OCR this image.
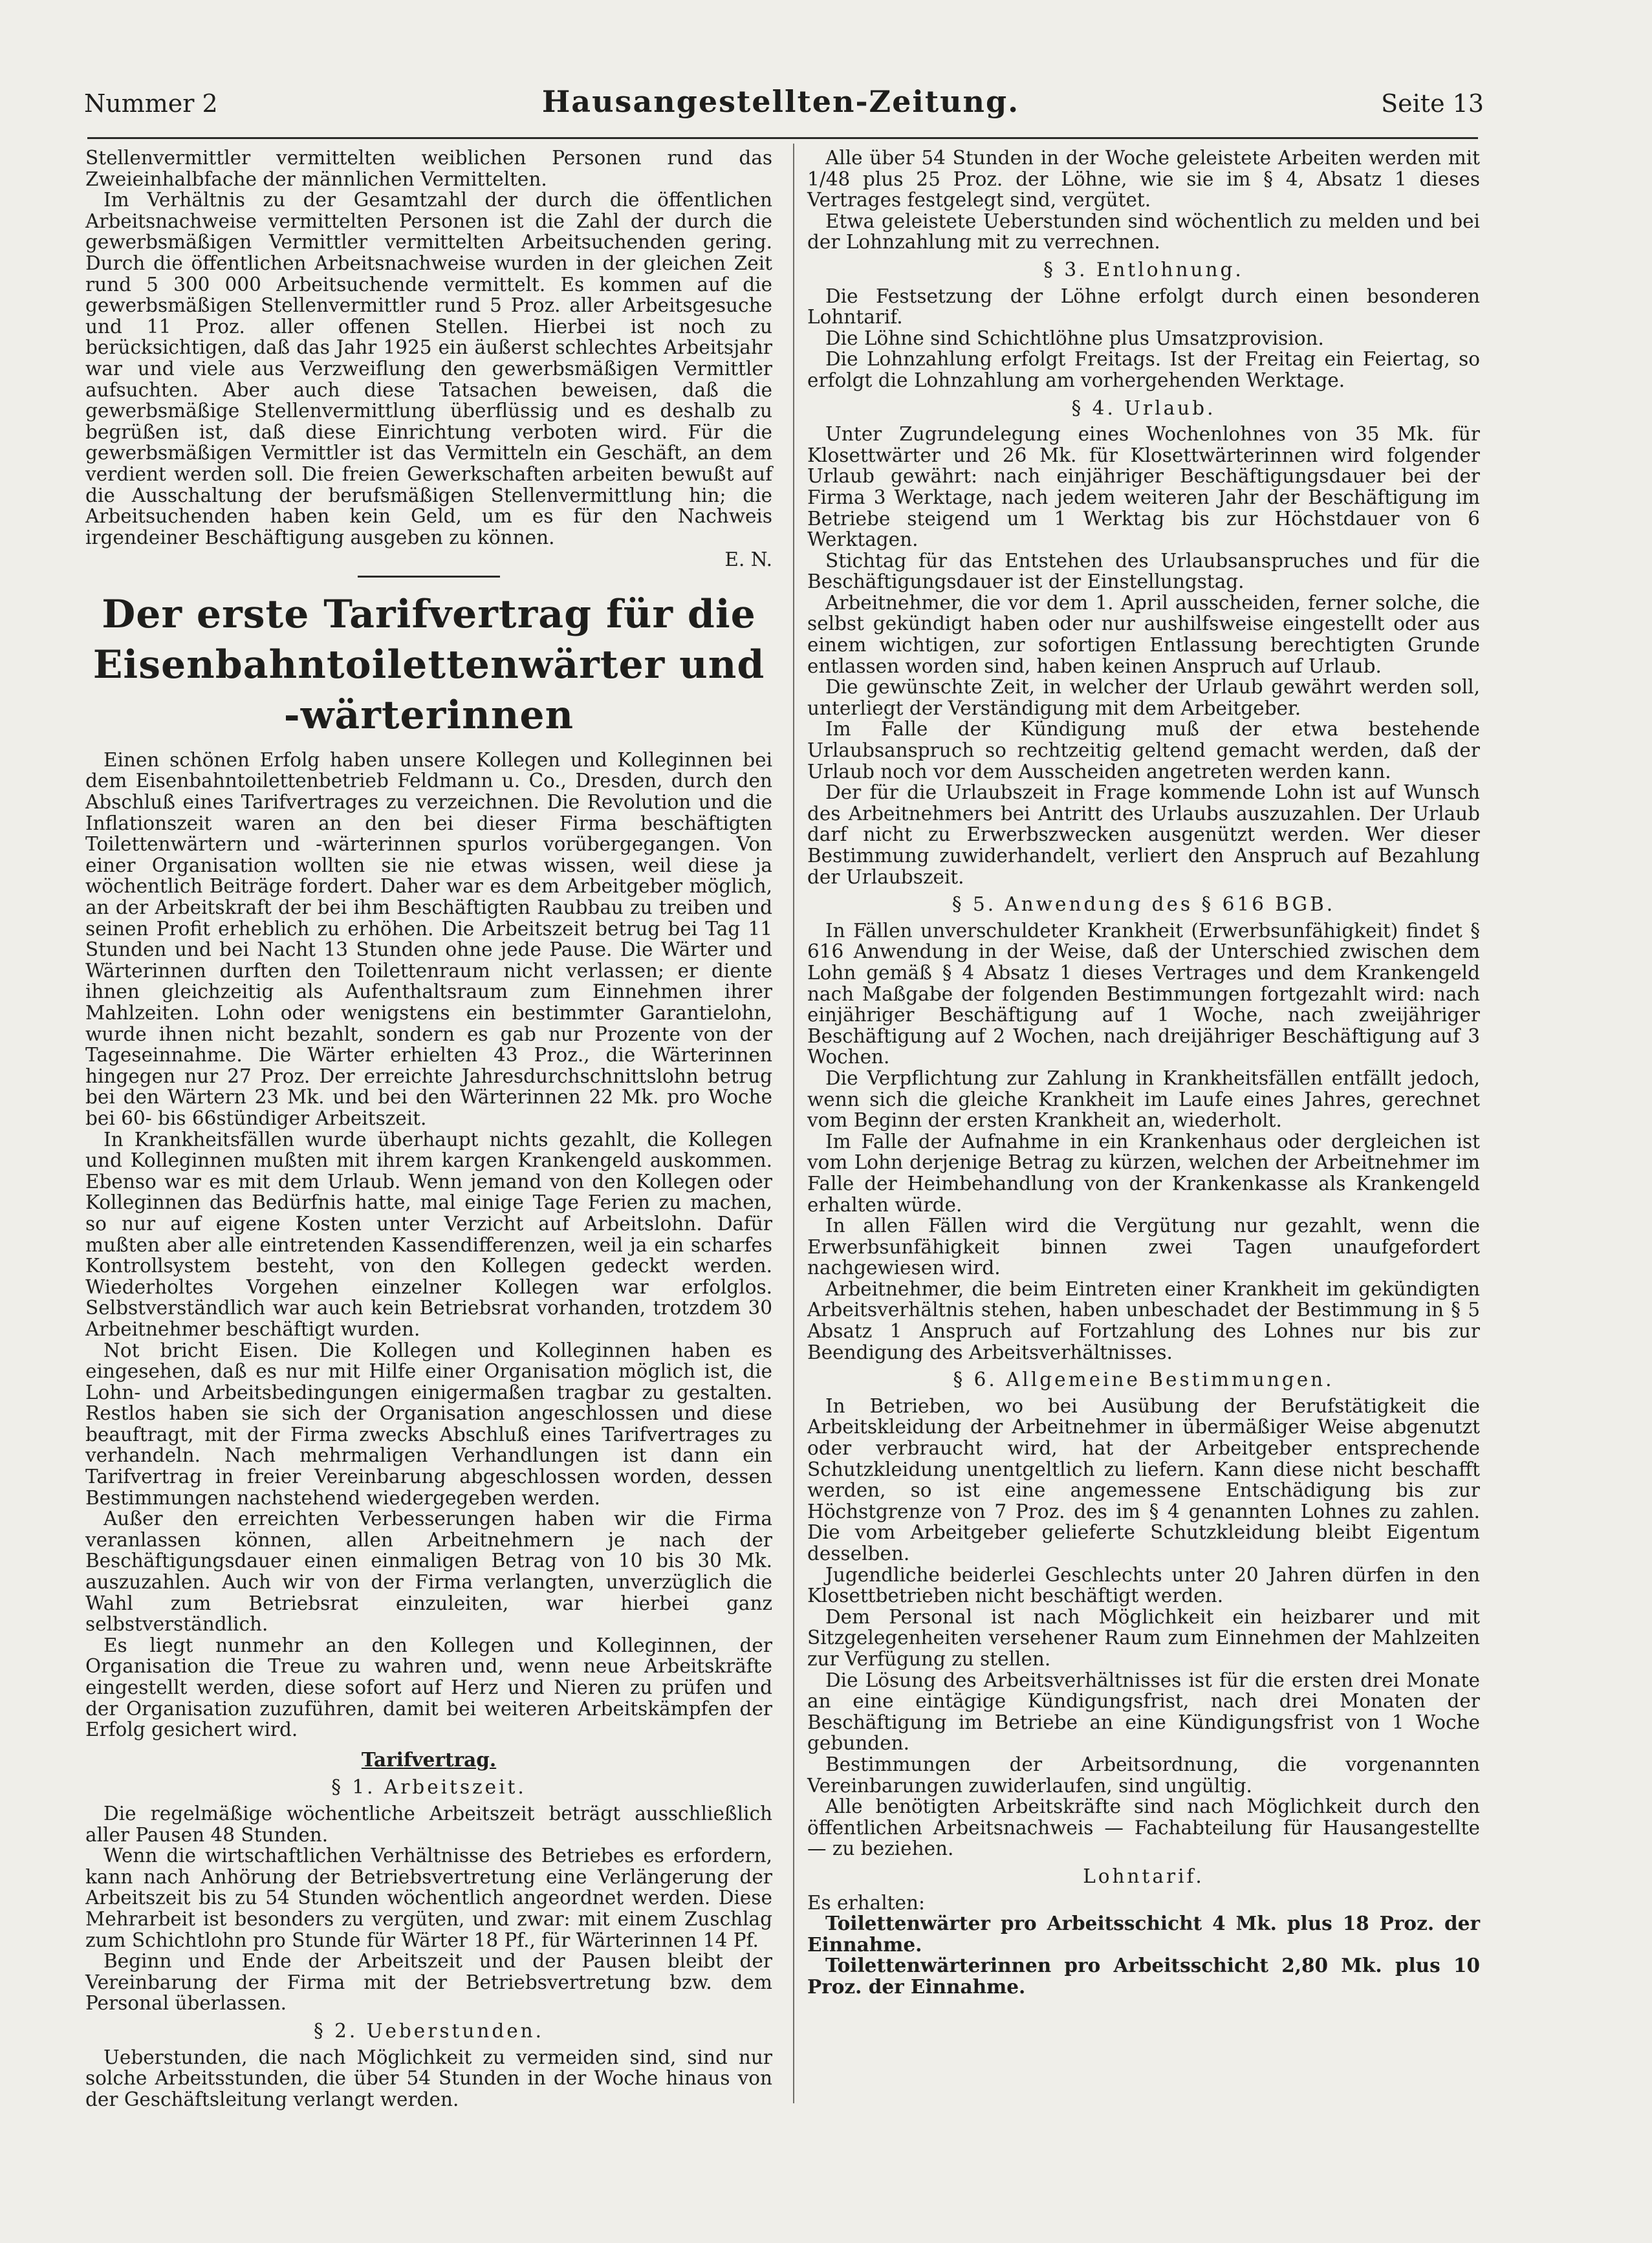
Nummer 2	Hausangestellten-Zeitung.	Seite 13

Stellenvermittler vermittelten weiblichen Personen rund das Zweieinhalbfache der männlichen Vermittelten.

Im Verhältnis zu der Gesamtzahl der durch die öffentlichen Arbeitsnachweise vermittelten Personen ist die Zahl der durch die gewerbsmäßigen Vermittler vermittelten Arbeitsuchenden gering. Durch die öffentlichen Arbeitsnachweise wurden in der gleichen Zeit rund 5 300 000 Arbeitsuchende vermittelt. Es kommen auf die gewerbsmäßigen Stellenvermittler rund 5 Proz. aller Arbeitsgesuche und 11 Proz. aller offenen Stellen. Hierbei ist noch zu berücksichtigen, daß das Jahr 1925 ein äußerst schlechtes Arbeitsjahr war und viele aus Verzweiflung den gewerbsmäßigen Vermittler aufsuchten. Aber auch diese Tatsachen beweisen, daß die gewerbsmäßige Stellenvermittlung überflüssig und es deshalb zu begrüßen ist, daß diese Einrichtung verboten wird. Für die gewerbsmäßigen Vermittler ist das Vermitteln ein Geschäft, an dem verdient werden soll. Die freien Gewerkschaften arbeiten bewußt auf die Ausschaltung der berufsmäßigen Stellenvermittlung hin; die Arbeitsuchenden haben kein Geld, um es für den Nachweis irgendeiner Beschäftigung ausgeben zu können.

E. N.
Der erste Tarifvertrag für die Eisenbahntoilettenwärter und -wärterinnen

Einen schönen Erfolg haben unsere Kollegen und Kolleginnen bei dem Eisenbahntoilettenbetrieb Feldmann u. Co., Dresden, durch den Abschluß eines Tarifvertrages zu verzeichnen. Die Revolution und die Inflationszeit waren an den bei dieser Firma beschäftigten Toilettenwärtern und -wärterinnen spurlos vorübergegangen. Von einer Organisation wollten sie nie etwas wissen, weil diese ja wöchentlich Beiträge fordert. Daher war es dem Arbeitgeber möglich, an der Arbeitskraft der bei ihm Beschäftigten Raubbau zu treiben und seinen Profit erheblich zu erhöhen. Die Arbeitszeit betrug bei Tag 11 Stunden und bei Nacht 13 Stunden ohne jede Pause. Die Wärter und Wärterinnen durften den Toilettenraum nicht verlassen; er diente ihnen gleichzeitig als Aufenthaltsraum zum Einnehmen ihrer Mahlzeiten. Lohn oder wenigstens ein bestimmter Garantielohn, wurde ihnen nicht bezahlt, sondern es gab nur Prozente von der Tageseinnahme. Die Wärter erhielten 43 Proz., die Wärterinnen hingegen nur 27 Proz. Der erreichte Jahresdurchschnittslohn betrug bei den Wärtern 23 Mk. und bei den Wärterinnen 22 Mk. pro Woche bei 60- bis 66stündiger Arbeitszeit.

In Krankheitsfällen wurde überhaupt nichts gezahlt, die Kollegen und Kolleginnen mußten mit ihrem kargen Krankengeld auskommen. Ebenso war es mit dem Urlaub. Wenn jemand von den Kollegen oder Kolleginnen das Bedürfnis hatte, mal einige Tage Ferien zu machen, so nur auf eigene Kosten unter Verzicht auf Arbeitslohn. Dafür mußten aber alle eintretenden Kassendifferenzen, weil ja ein scharfes Kontrollsystem besteht, von den Kollegen gedeckt werden. Wiederholtes Vorgehen einzelner Kollegen war erfolglos. Selbstverständlich war auch kein Betriebsrat vorhanden, trotzdem 30 Arbeitnehmer beschäftigt wurden.

Not bricht Eisen. Die Kollegen und Kolleginnen haben es eingesehen, daß es nur mit Hilfe einer Organisation möglich ist, die Lohn- und Arbeitsbedingungen einigermaßen tragbar zu gestalten. Restlos haben sie sich der Organisation angeschlossen und diese beauftragt, mit der Firma zwecks Abschluß eines Tarifvertrages zu verhandeln. Nach mehrmaligen Verhandlungen ist dann ein Tarifvertrag in freier Vereinbarung abgeschlossen worden, dessen Bestimmungen nachstehend wiedergegeben werden.

Außer den erreichten Verbesserungen haben wir die Firma veranlassen können, allen Arbeitnehmern je nach der Beschäftigungsdauer einen einmaligen Betrag von 10 bis 30 Mk. auszuzahlen. Auch wir von der Firma verlangten, unverzüglich die Wahl zum Betriebsrat einzuleiten, war hierbei ganz selbstverständlich.

Es liegt nunmehr an den Kollegen und Kolleginnen, der Organisation die Treue zu wahren und, wenn neue Arbeitskräfte eingestellt werden, diese sofort auf Herz und Nieren zu prüfen und der Organisation zuzuführen, damit bei weiteren Arbeitskämpfen der Erfolg gesichert wird.

Tarifvertrag.

§ 1. Arbeitszeit.

Die regelmäßige wöchentliche Arbeitszeit beträgt ausschließlich aller Pausen 48 Stunden.

Wenn die wirtschaftlichen Verhältnisse des Betriebes es erfordern, kann nach Anhörung der Betriebsvertretung eine Verlängerung der Arbeitszeit bis zu 54 Stunden wöchentlich angeordnet werden. Diese Mehrarbeit ist besonders zu vergüten, und zwar: mit einem Zuschlag zum Schichtlohn pro Stunde für Wärter 18 Pf., für Wärterinnen 14 Pf.

Beginn und Ende der Arbeitszeit und der Pausen bleibt der Vereinbarung der Firma mit der Betriebsvertretung bzw. dem Personal überlassen.

§ 2. Ueberstunden.

Ueberstunden, die nach Möglichkeit zu vermeiden sind, sind nur solche Arbeitsstunden, die über 54 Stunden in der Woche hinaus von der Geschäftsleitung verlangt werden.

Alle über 54 Stunden in der Woche geleistete Arbeiten werden mit 1/48 plus 25 Proz. der Löhne, wie sie im § 4, Absatz 1 dieses Vertrages festgelegt sind, vergütet.

Etwa geleistete Ueberstunden sind wöchentlich zu melden und bei der Lohnzahlung mit zu verrechnen.

§ 3. Entlohnung.

Die Festsetzung der Löhne erfolgt durch einen besonderen Lohntarif.

Die Löhne sind Schichtlöhne plus Umsatzprovision.

Die Lohnzahlung erfolgt Freitags. Ist der Freitag ein Feiertag, so erfolgt die Lohnzahlung am vorhergehenden Werktage.

§ 4. Urlaub.

Unter Zugrundelegung eines Wochenlohnes von 35 Mk. für Klosettwärter und 26 Mk. für Klosettwärterinnen wird folgender Urlaub gewährt: nach einjähriger Beschäftigungsdauer bei der Firma 3 Werktage, nach jedem weiteren Jahr der Beschäftigung im Betriebe steigend um 1 Werktag bis zur Höchstdauer von 6 Werktagen.

Stichtag für das Entstehen des Urlaubsanspruches und für die Beschäftigungsdauer ist der Einstellungstag.

Arbeitnehmer, die vor dem 1. April ausscheiden, ferner solche, die selbst gekündigt haben oder nur aushilfsweise eingestellt oder aus einem wichtigen, zur sofortigen Entlassung berechtigten Grunde entlassen worden sind, haben keinen Anspruch auf Urlaub.

Die gewünschte Zeit, in welcher der Urlaub gewährt werden soll, unterliegt der Verständigung mit dem Arbeitgeber.

Im Falle der Kündigung muß der etwa bestehende Urlaubsanspruch so rechtzeitig geltend gemacht werden, daß der Urlaub noch vor dem Ausscheiden angetreten werden kann.

Der für die Urlaubszeit in Frage kommende Lohn ist auf Wunsch des Arbeitnehmers bei Antritt des Urlaubs auszuzahlen. Der Urlaub darf nicht zu Erwerbszwecken ausgenützt werden. Wer dieser Bestimmung zuwiderhandelt, verliert den Anspruch auf Bezahlung der Urlaubszeit.

§ 5. Anwendung des § 616 BGB.

In Fällen unverschuldeter Krankheit (Erwerbsunfähigkeit) findet § 616 Anwendung in der Weise, daß der Unterschied zwischen dem Lohn gemäß § 4 Absatz 1 dieses Vertrages und dem Krankengeld nach Maßgabe der folgenden Bestimmungen fortgezahlt wird: nach einjähriger Beschäftigung auf 1 Woche, nach zweijähriger Beschäftigung auf 2 Wochen, nach dreijähriger Beschäftigung auf 3 Wochen.

Die Verpflichtung zur Zahlung in Krankheitsfällen entfällt jedoch, wenn sich die gleiche Krankheit im Laufe eines Jahres, gerechnet vom Beginn der ersten Krankheit an, wiederholt.

Im Falle der Aufnahme in ein Krankenhaus oder dergleichen ist vom Lohn derjenige Betrag zu kürzen, welchen der Arbeitnehmer im Falle der Heimbehandlung von der Krankenkasse als Krankengeld erhalten würde.

In allen Fällen wird die Vergütung nur gezahlt, wenn die Erwerbsunfähigkeit binnen zwei Tagen unaufgefordert nachgewiesen wird.

Arbeitnehmer, die beim Eintreten einer Krankheit im gekündigten Arbeitsverhältnis stehen, haben unbeschadet der Bestimmung in § 5 Absatz 1 Anspruch auf Fortzahlung des Lohnes nur bis zur Beendigung des Arbeitsverhältnisses.

§ 6. Allgemeine Bestimmungen.

In Betrieben, wo bei Ausübung der Berufstätigkeit die Arbeitskleidung der Arbeitnehmer in übermäßiger Weise abgenutzt oder verbraucht wird, hat der Arbeitgeber entsprechende Schutzkleidung unentgeltlich zu liefern. Kann diese nicht beschafft werden, so ist eine angemessene Entschädigung bis zur Höchstgrenze von 7 Proz. des im § 4 genannten Lohnes zu zahlen. Die vom Arbeitgeber gelieferte Schutzkleidung bleibt Eigentum desselben.

Jugendliche beiderlei Geschlechts unter 20 Jahren dürfen in den Klosettbetrieben nicht beschäftigt werden.

Dem Personal ist nach Möglichkeit ein heizbarer und mit Sitzgelegenheiten versehener Raum zum Einnehmen der Mahlzeiten zur Verfügung zu stellen.

Die Lösung des Arbeitsverhältnisses ist für die ersten drei Monate an eine eintägige Kündigungsfrist, nach drei Monaten der Beschäftigung im Betriebe an eine Kündigungsfrist von 1 Woche gebunden.

Bestimmungen der Arbeitsordnung, die vorgenannten Vereinbarungen zuwiderlaufen, sind ungültig.

Alle benötigten Arbeitskräfte sind nach Möglichkeit durch den öffentlichen Arbeitsnachweis — Fachabteilung für Hausangestellte — zu beziehen.

Lohntarif.

Es erhalten:

Toilettenwärter pro Arbeitsschicht 4 Mk. plus 18 Proz. der Einnahme.

Toilettenwärterinnen pro Arbeitsschicht 2,80 Mk. plus 10 Proz. der Einnahme.
